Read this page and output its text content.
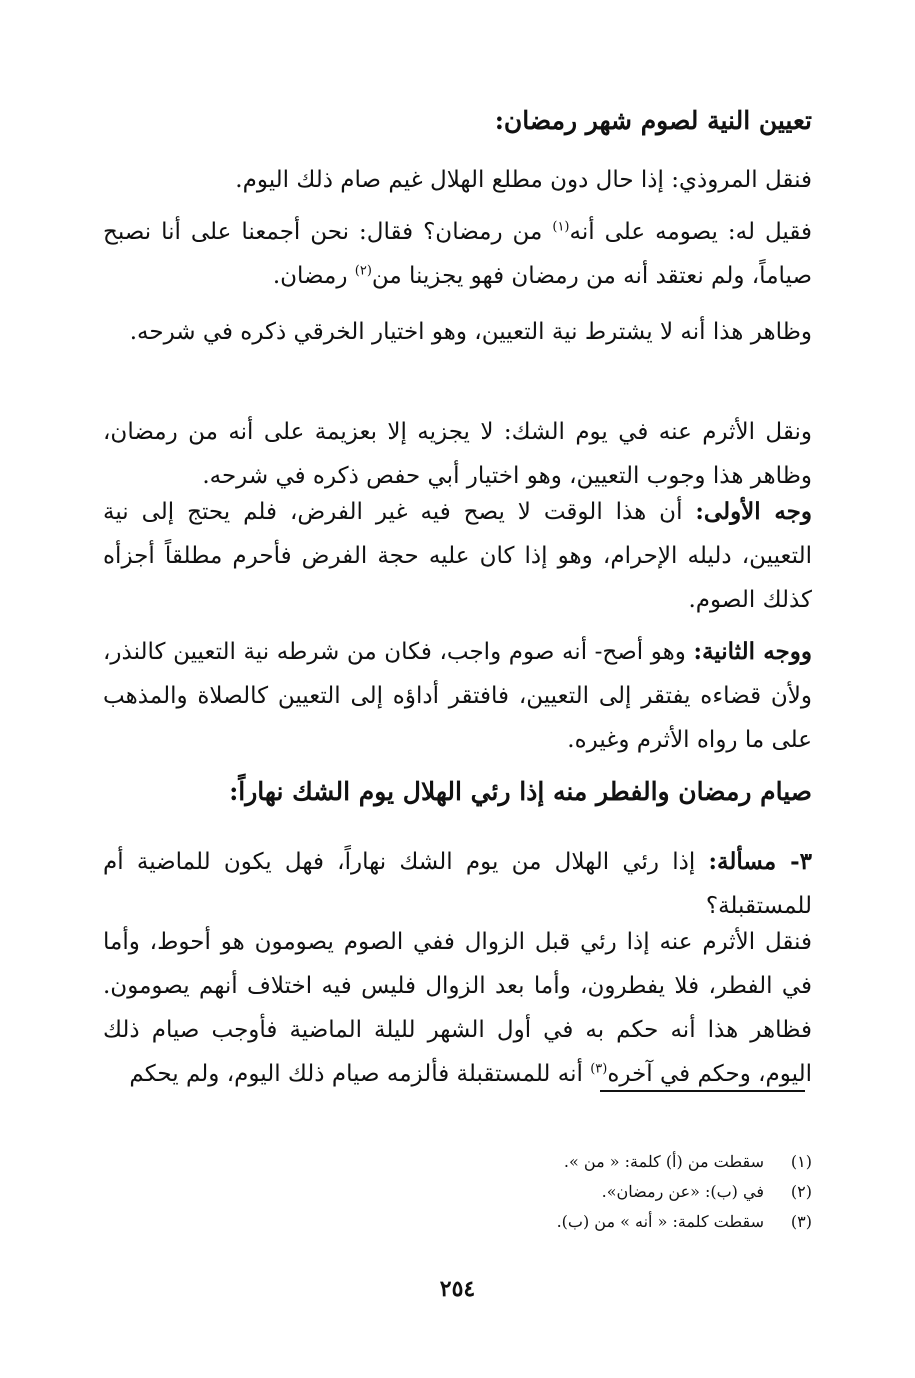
تعيين النية لصوم شهر رمضان:

فنقل المروذي: إذا حال دون مطلع الهلال غيم صام ذلك اليوم.

فقيل له: يصومه على أنه$^{(١)}$ من رمضان؟ فقال: نحن أجمعنا على أنا نصبح صياماً، ولم نعتقد أنه من رمضان فهو يجزينا من$^{(٢)}$ رمضان.

وظاهر هذا أنه لا يشترط نية التعيين، وهو اختيار الخرقي ذكره في شرحه.

ونقل الأثرم عنه في يوم الشك: لا يجزيه إلا بعزيمة على أنه من رمضان، وظاهر هذا وجوب التعيين، وهو اختيار أبي حفص ذكره في شرحه.

وجه الأولى: أن هذا الوقت لا يصح فيه غير الفرض، فلم يحتج إلى نية التعيين، دليله الإحرام، وهو إذا كان عليه حجة الفرض فأحرم مطلقاً أجزأه كذلك الصوم.

ووجه الثانية: وهو أصح- أنه صوم واجب، فكان من شرطه نية التعيين كالنذر، ولأن قضاءه يفتقر إلى التعيين، فافتقر أداؤه إلى التعيين كالصلاة والمذهب على ما رواه الأثرم وغيره.

صيام رمضان والفطر منه إذا رئي الهلال يوم الشك نهاراً:

٣- مسألة: إذا رئي الهلال من يوم الشك نهاراً، فهل يكون للماضية أم للمستقبلة؟

فنقل الأثرم عنه إذا رئي قبل الزوال ففي الصوم يصومون هو أحوط، وأما في الفطر، فلا يفطرون، وأما بعد الزوال فليس فيه اختلاف أنهم يصومون. فظاهر هذا أنه حكم به في أول الشهر لليلة الماضية فأوجب صيام ذلك اليوم، وحكم في آخره$^{(٣)}$ أنه للمستقبلة فألزمه صيام ذلك اليوم، ولم يحكم

(١)سقطت من (أ) كلمة: « من ».

(٢)في (ب): «عن رمضان».

(٣)سقطت كلمة: « أنه » من (ب).

٢٥٤
